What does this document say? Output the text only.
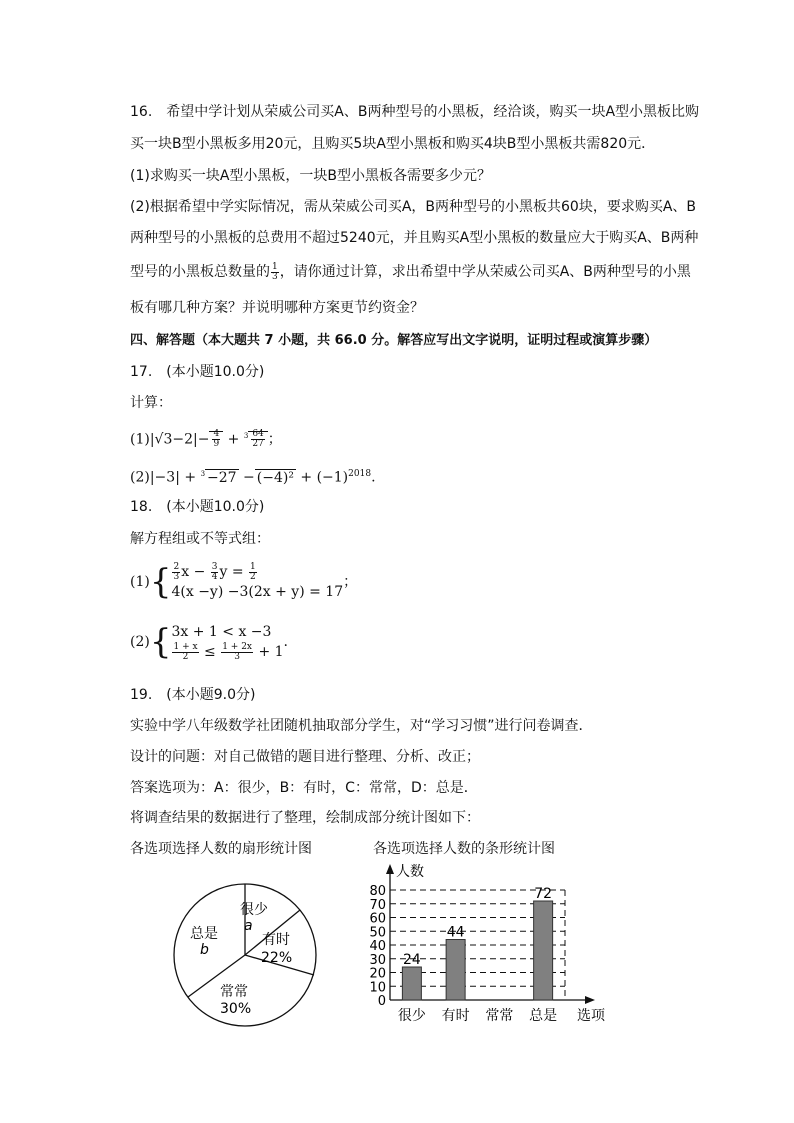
16.　希望中学计划从荣威公司买A、B两种型号的小黑板，经洽谈，购买一块A型小黑板比购
买一块B型小黑板多用20元，且购买5块A型小黑板和购买4块B型小黑板共需820元．
(1)求购买一块A型小黑板，一块B型小黑板各需要多少元？
(2)根据希望中学实际情况，需从荣威公司买A，B两种型号的小黑板共60块，要求购买A、B
两种型号的小黑板的总费用不超过5240元，并且购买A型小黑板的数量应大于购买A、B两种
型号的小黑板总数量的 $\frac{1}{3}$ ，请你通过计算，求出希望中学从荣威公司买A、B两种型号的小黑
板有哪几种方案？并说明哪种方案更节约资金？
四、解答题（本大题共 7 小题，共 66.0 分。解答应写出文字说明，证明过程或演算步骤）
17.　(本小题10.0分)
计算：
$(1)|√3-2|- \frac{4}{9} + ^3 \frac{64}{27}$ ；
$(2)|-3| + ^3 -27 - (-4)^2 + (-1)^{2018}$.
18.　(本小题10.0分)
解方程组或不等式组：
$(1)\{ \frac{2}{3}$ $x - \frac{3}{4}$ $y = \frac{1}{2}$
4(x −y) −3(2x + y) = 17
；
(2){ 3x + 1 < x −3
$\frac{1 + x}{2} \le \frac{1 + 2x}{3} + 1$
.
19.　(本小题9.0分)
实验中学八年级数学社团随机抽取部分学生，对“学习习惯”进行问卷调查．
设计的问题：对自己做错的题目进行整理、分析、改正；
答案选项为：A：很少，B：有时，C：常常，D：总是．
将调查结果的数据进行了整理，绘制成部分统计图如下：
各选项选择人数的扇形统计图	各选项选择人数的条形统计图
很少
a
有时
22%
常常
30%
总是
b
0
10
20
30
40
50
60
70
80
人数
选项
24
很少
44
有时 常常
72
总是
